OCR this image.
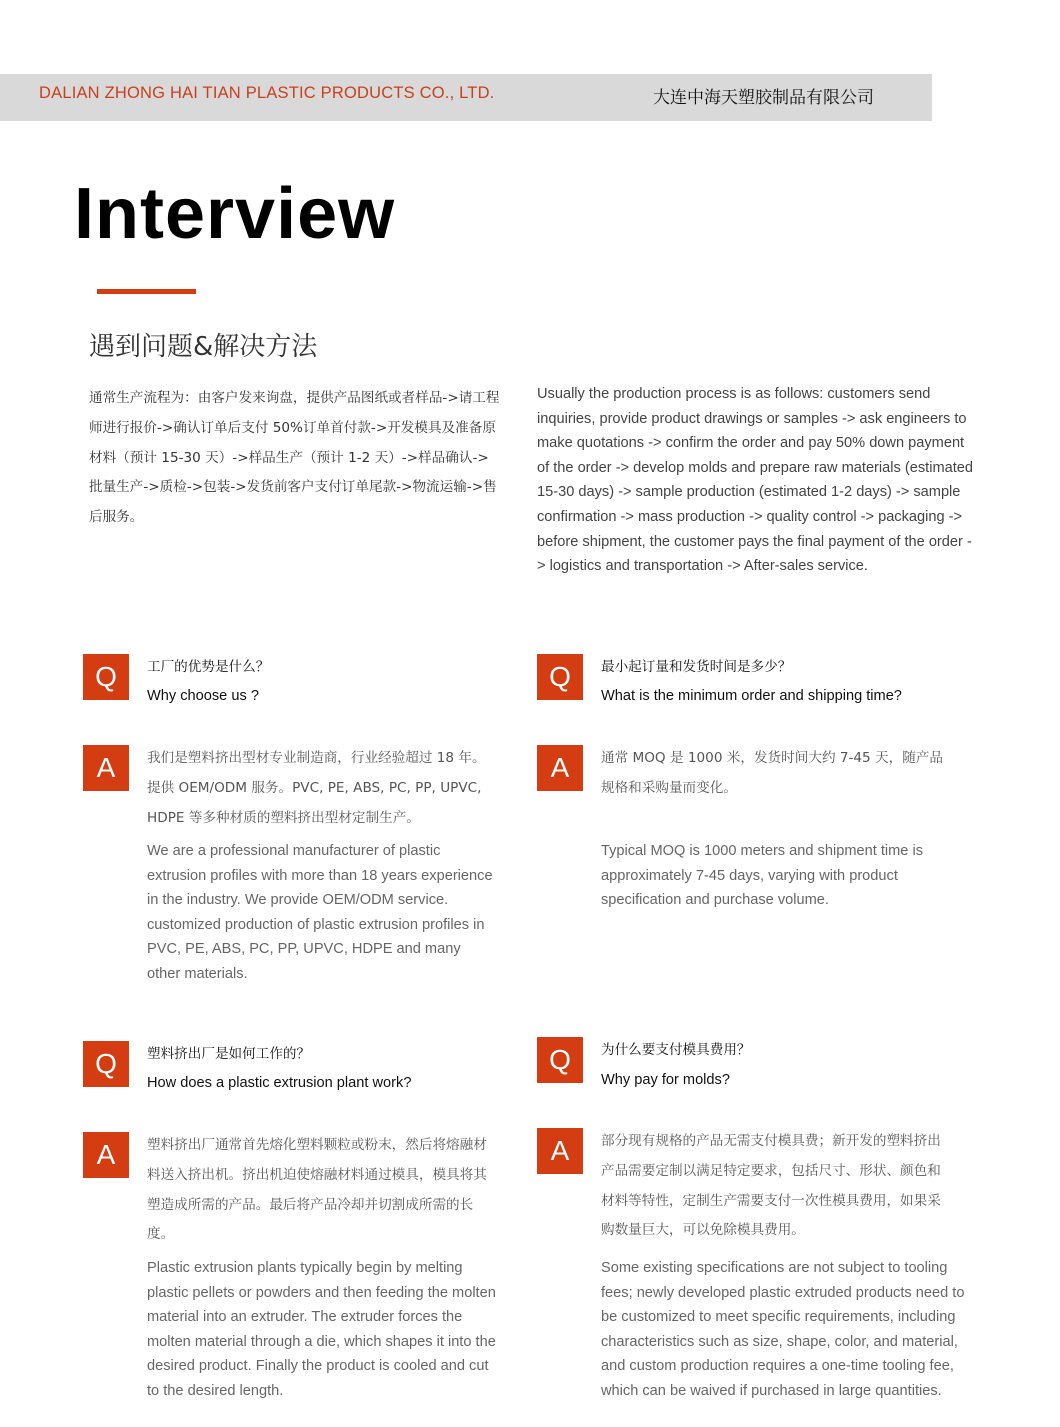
DALIAN ZHONG HAI TIAN PLASTIC PRODUCTS CO., LTD.	大连中海天塑胶制品有限公司
Interview
遇到问题&解决方法
通常生产流程为：由客户发来询盘，提供产品图纸或者样品->请工程师进行报价->确认订单后支付 50%订单首付款->开发模具及准备原材料（预计 15-30 天）->样品生产（预计 1-2 天）->样品确认->批量生产->质检->包装->发货前客户支付订单尾款->物流运输->售后服务。
Usually the production process is as follows: customers send inquiries, provide product drawings or samples -> ask engineers to make quotations -> confirm the order and pay 50% down payment of the order -> develop molds and prepare raw materials (estimated 15-30 days) -> sample production (estimated 1-2 days) -> sample confirmation -> mass production -> quality control -> packaging -> before shipment, the customer pays the final payment of the order -> logistics and transportation -> After-sales service.
Q	工厂的优势是什么？
Why choose us ?
A	我们是塑料挤出型材专业制造商，行业经验超过 18 年。提供 OEM/ODM 服务。PVC, PE, ABS, PC, PP, UPVC, HDPE 等多种材质的塑料挤出型材定制生产。
We are a professional manufacturer of plastic extrusion profiles with more than 18 years experience in the industry. We provide OEM/ODM service. customized production of plastic extrusion profiles in PVC, PE, ABS, PC, PP, UPVC, HDPE and many other materials.
Q	最小起订量和发货时间是多少？
What is the minimum order and shipping time?
A	通常 MOQ 是 1000 米，发货时间大约 7-45 天，随产品规格和采购量而变化。
Typical MOQ is 1000 meters and shipment time is approximately 7-45 days, varying with product specification and purchase volume.
Q	塑料挤出厂是如何工作的？
How does a plastic extrusion plant work?
A	塑料挤出厂通常首先熔化塑料颗粒或粉末，然后将熔融材料送入挤出机。挤出机迫使熔融材料通过模具，模具将其塑造成所需的产品。最后将产品冷却并切割成所需的长度。
Plastic extrusion plants typically begin by melting plastic pellets or powders and then feeding the molten material into an extruder. The extruder forces the molten material through a die, which shapes it into the desired product. Finally the product is cooled and cut to the desired length.
Q	为什么要支付模具费用？
Why pay for molds?
A	部分现有规格的产品无需支付模具费；新开发的塑料挤出产品需要定制以满足特定要求，包括尺寸、形状、颜色和材料等特性，定制生产需要支付一次性模具费用，如果采购数量巨大，可以免除模具费用。
Some existing specifications are not subject to tooling fees; newly developed plastic extruded products need to be customized to meet specific requirements, including characteristics such as size, shape, color, and material, and custom production requires a one-time tooling fee, which can be waived if purchased in large quantities.
